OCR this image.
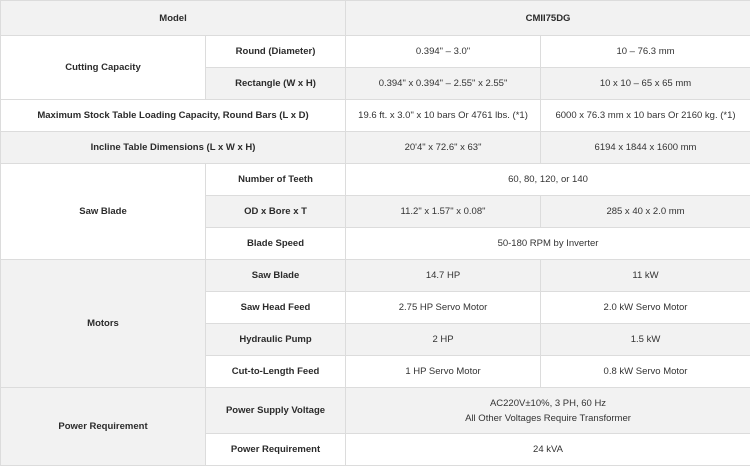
Model		CMII75DG	
Cutting Capacity	Round (Diameter)	0.394" – 3.0"	10 – 76.3 mm
	Rectangle (W x H)	0.394" x 0.394" – 2.55" x 2.55"	10 x 10 – 65 x 65 mm
Maximum Stock Table Loading Capacity, Round Bars (L x D)		19.6 ft. x 3.0" x 10 bars Or 4761 lbs. (*1)	6000 x 76.3 mm x 10 bars Or 2160 kg. (*1)
Incline Table Dimensions (L x W x H)		20'4" x 72.6" x 63"	6194 x 1844 x 1600 mm
Saw Blade	Number of Teeth	60, 80, 120, or 140	
	OD x Bore x T	11.2" x 1.57" x 0.08"	285 x 40 x 2.0 mm
	Blade Speed	50-180 RPM by Inverter	
Motors	Saw Blade	14.7 HP	11 kW
	Saw Head Feed	2.75 HP Servo Motor	2.0 kW Servo Motor
	Hydraulic Pump	2 HP	1.5 kW
	Cut-to-Length Feed	1 HP Servo Motor	0.8 kW Servo Motor
Power Requirement	Power Supply Voltage	AC220V±10%, 3 PH, 60 Hz
All Other Voltages Require Transformer	

	Power Requirement	24 kVA	
